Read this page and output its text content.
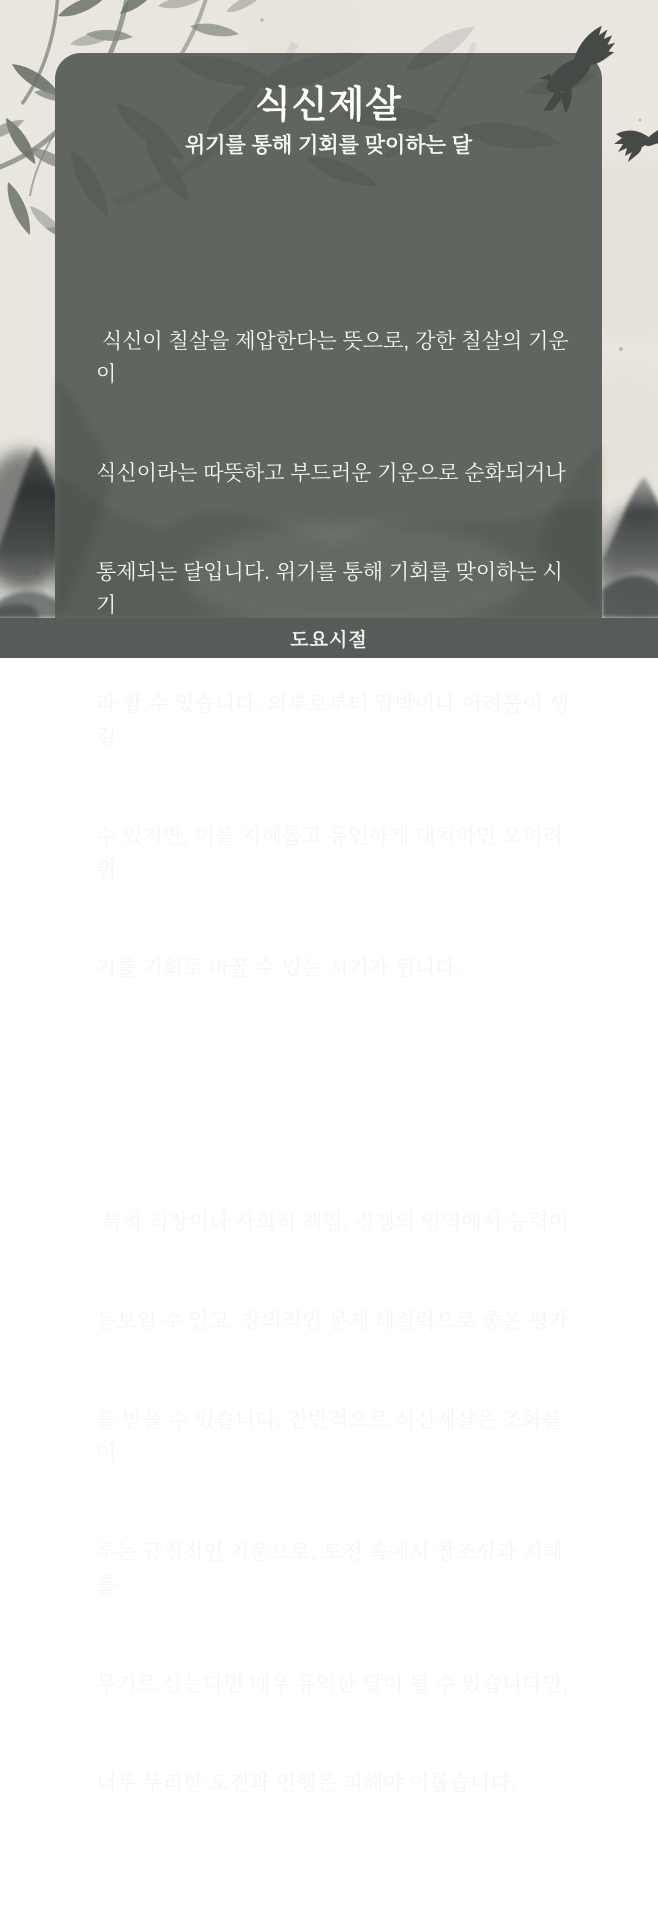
식신제살
위기를 통해 기회를 맞이하는 달

식신이 칠살을 제압한다는 뜻으로, 강한 칠살의 기운이

식신이라는 따뜻하고 부드러운 기운으로 순화되거나

통제되는 달입니다. 위기를 통해 기회를 맞이하는 시기

라 할 수 있습니다. 외부로부터 압박이나 어려움이 생길

수 있지만, 이를 지혜롭고 유연하게 대처하면 오히려 위

기를 기회로 바꿀 수 있는 시기가 됩니다.

특히 직장이나 사회적 책임, 경쟁의 영역에서 능력이

돋보일 수 있고, 창의적인 문제 해결력으로 좋은 평가

를 받을 수 있습니다. 전반적으로 식신제살은 조화를 이

루는 긍정적인 기운으로, 도전 속에서 창조성과 지혜를

무기로 삼는다면 매우 유익한 달이 될 수 있습니다만,

너무 무리한 도전과 언행은 피해야 이롭습니다.

도요시절
